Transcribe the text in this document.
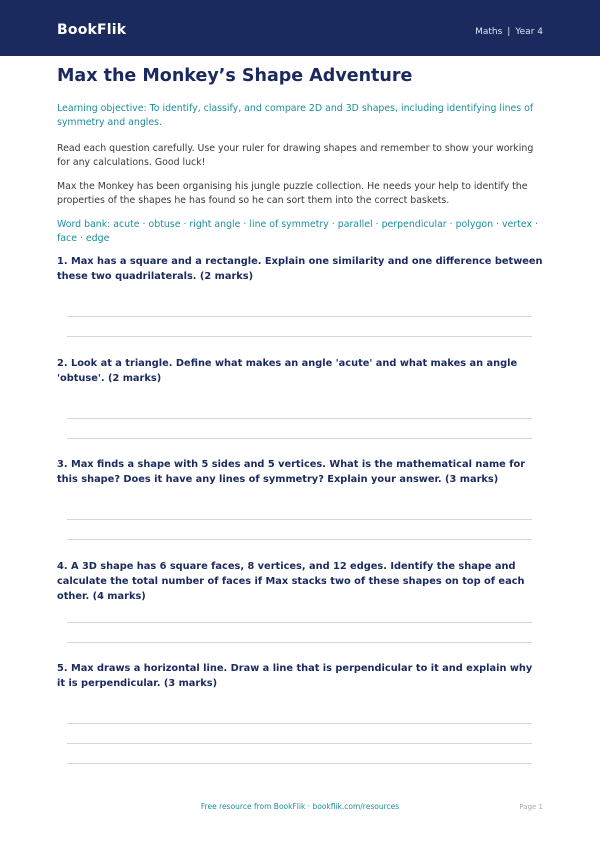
BookFlik	Maths | Year 4
Max the Monkey’s Shape Adventure
Learning objective: To identify, classify, and compare 2D and 3D shapes, including identifying lines of symmetry and angles.
Read each question carefully. Use your ruler for drawing shapes and remember to show your working for any calculations. Good luck!
Max the Monkey has been organising his jungle puzzle collection. He needs your help to identify the properties of the shapes he has found so he can sort them into the correct baskets.
Word bank: acute · obtuse · right angle · line of symmetry · parallel · perpendicular · polygon · vertex · face · edge
1. Max has a square and a rectangle. Explain one similarity and one difference between these two quadrilaterals. (2 marks)
2. Look at a triangle. Define what makes an angle 'acute' and what makes an angle 'obtuse'. (2 marks)
3. Max finds a shape with 5 sides and 5 vertices. What is the mathematical name for this shape? Does it have any lines of symmetry? Explain your answer. (3 marks)
4. A 3D shape has 6 square faces, 8 vertices, and 12 edges. Identify the shape and calculate the total number of faces if Max stacks two of these shapes on top of each other. (4 marks)
5. Max draws a horizontal line. Draw a line that is perpendicular to it and explain why it is perpendicular. (3 marks)
Free resource from BookFlik · bookflik.com/resources	Page 1
